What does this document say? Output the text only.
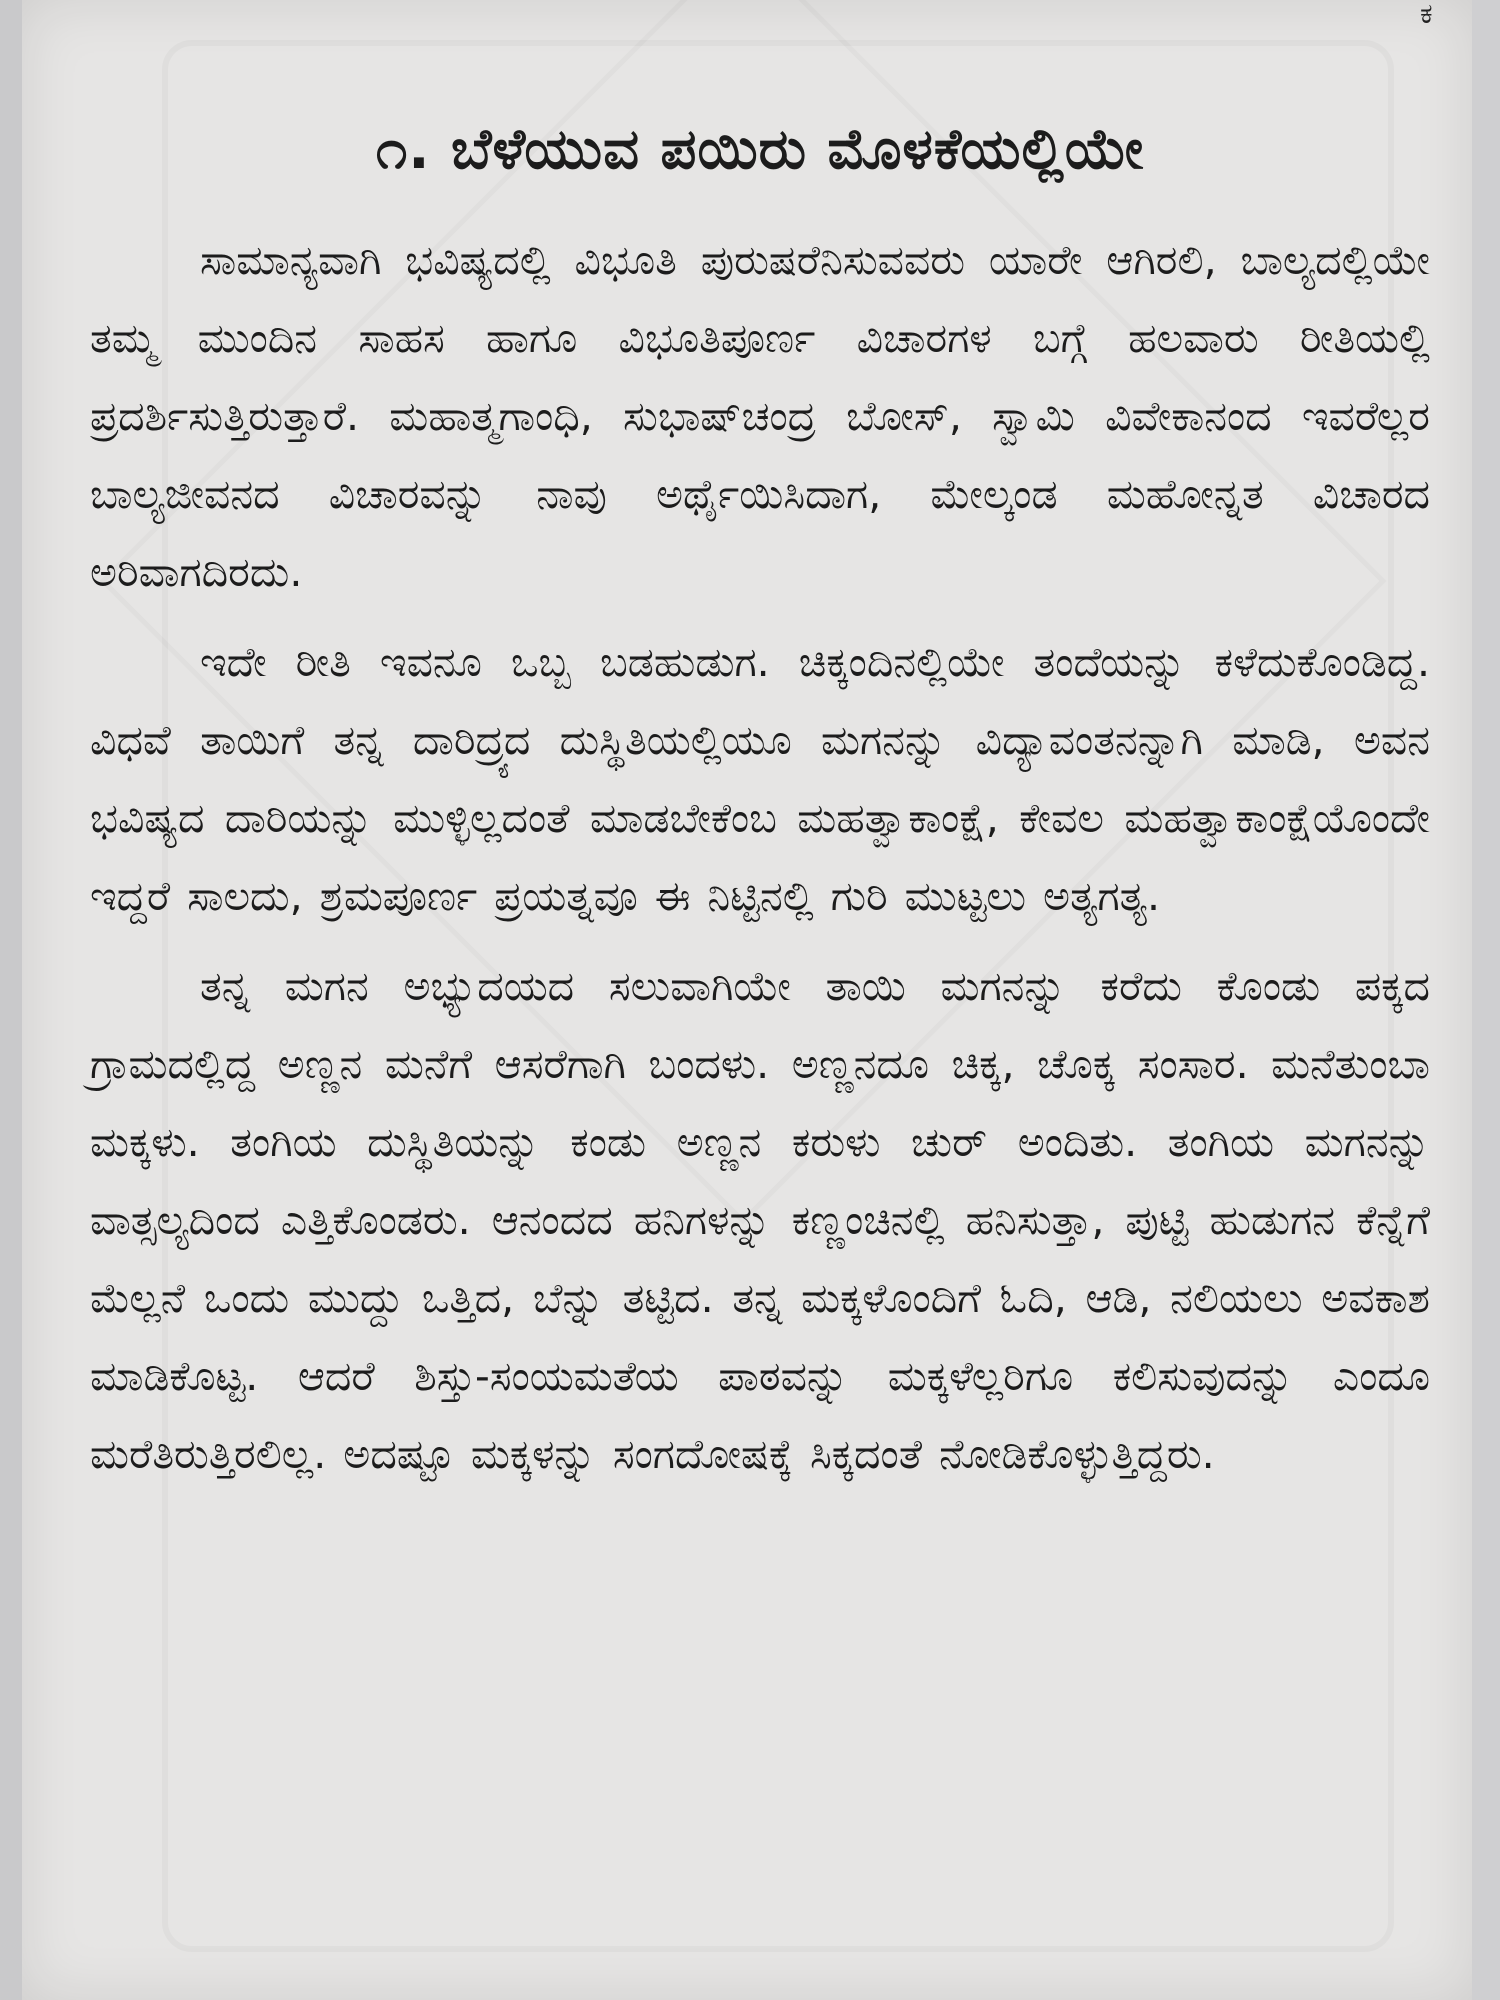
ಕ
೧. ಬೆಳೆಯುವ ಪಯಿರು ಮೊಳಕೆಯಲ್ಲಿಯೇ

ಸಾಮಾನ್ಯವಾಗಿ ಭವಿಷ್ಯದಲ್ಲಿ ವಿಭೂತಿ ಪುರುಷರೆನಿಸುವವರು ಯಾರೇ ಆಗಿರಲಿ, ಬಾಲ್ಯದಲ್ಲಿಯೇ ತಮ್ಮ ಮುಂದಿನ ಸಾಹಸ ಹಾಗೂ ವಿಭೂತಿಪೂರ್ಣ ವಿಚಾರಗಳ ಬಗ್ಗೆ ಹಲವಾರು ರೀತಿಯಲ್ಲಿ ಪ್ರದರ್ಶಿಸುತ್ತಿರುತ್ತಾರೆ. ಮಹಾತ್ಮಗಾಂಧಿ, ಸುಭಾಷ್‌ಚಂದ್ರ ಬೋಸ್, ಸ್ವಾಮಿ ವಿವೇಕಾನಂದ ಇವರೆಲ್ಲರ ಬಾಲ್ಯಜೀವನದ ವಿಚಾರವನ್ನು ನಾವು ಅರ್ಥೈಯಿಸಿದಾಗ, ಮೇಲ್ಕಂಡ ಮಹೋನ್ನತ ವಿಚಾರದ ಅರಿವಾಗದಿರದು.

ಇದೇ ರೀತಿ ಇವನೂ ಒಬ್ಬ ಬಡಹುಡುಗ. ಚಿಕ್ಕಂದಿನಲ್ಲಿಯೇ ತಂದೆಯನ್ನು ಕಳೆದುಕೊಂಡಿದ್ದ. ವಿಧವೆ ತಾಯಿಗೆ ತನ್ನ ದಾರಿದ್ರ್ಯದ ದುಸ್ಥಿತಿಯಲ್ಲಿಯೂ ಮಗನನ್ನು ವಿದ್ಯಾವಂತನನ್ನಾಗಿ ಮಾಡಿ, ಅವನ ಭವಿಷ್ಯದ ದಾರಿಯನ್ನು ಮುಳ್ಳಿಲ್ಲದಂತೆ ಮಾಡಬೇಕೆಂಬ ಮಹತ್ವಾಕಾಂಕ್ಷೆ, ಕೇವಲ ಮಹತ್ವಾಕಾಂಕ್ಷೆಯೊಂದೇ ಇದ್ದರೆ ಸಾಲದು, ಶ್ರಮಪೂರ್ಣ ಪ್ರಯತ್ನವೂ ಈ ನಿಟ್ಟಿನಲ್ಲಿ ಗುರಿ ಮುಟ್ಟಲು ಅತ್ಯಗತ್ಯ.

ತನ್ನ ಮಗನ ಅಭ್ಯುದಯದ ಸಲುವಾಗಿಯೇ ತಾಯಿ ಮಗನನ್ನು ಕರೆದು ಕೊಂಡು ಪಕ್ಕದ ಗ್ರಾಮದಲ್ಲಿದ್ದ ಅಣ್ಣನ ಮನೆಗೆ ಆಸರೆಗಾಗಿ ಬಂದಳು. ಅಣ್ಣನದೂ ಚಿಕ್ಕ, ಚೊಕ್ಕ ಸಂಸಾರ. ಮನೆತುಂಬಾ ಮಕ್ಕಳು. ತಂಗಿಯ ದುಸ್ಥಿತಿಯನ್ನು ಕಂಡು ಅಣ್ಣನ ಕರುಳು ಚುರ್ ಅಂದಿತು. ತಂಗಿಯ ಮಗನನ್ನು ವಾತ್ಸಲ್ಯದಿಂದ ಎತ್ತಿಕೊಂಡರು. ಆನಂದದ ಹನಿಗಳನ್ನು ಕಣ್ಣಂಚಿನಲ್ಲಿ ಹನಿಸುತ್ತಾ, ಪುಟ್ಟಿ ಹುಡುಗನ ಕೆನ್ನೆಗೆ ಮೆಲ್ಲನೆ ಒಂದು ಮುದ್ದು ಒತ್ತಿದ, ಬೆನ್ನು ತಟ್ಟಿದ. ತನ್ನ ಮಕ್ಕಳೊಂದಿಗೆ ಓದಿ, ಆಡಿ, ನಲಿಯಲು ಅವಕಾಶ ಮಾಡಿಕೊಟ್ಟ. ಆದರೆ ಶಿಸ್ತು-ಸಂಯಮತೆಯ ಪಾಠವನ್ನು ಮಕ್ಕಳೆಲ್ಲರಿಗೂ ಕಲಿಸುವುದನ್ನು ಎಂದೂ ಮರೆತಿರುತ್ತಿರಲಿಲ್ಲ. ಅದಷ್ಟೂ ಮಕ್ಕಳನ್ನು ಸಂಗದೋಷಕ್ಕೆ ಸಿಕ್ಕದಂತೆ ನೋಡಿಕೊಳ್ಳುತ್ತಿದ್ದರು.
